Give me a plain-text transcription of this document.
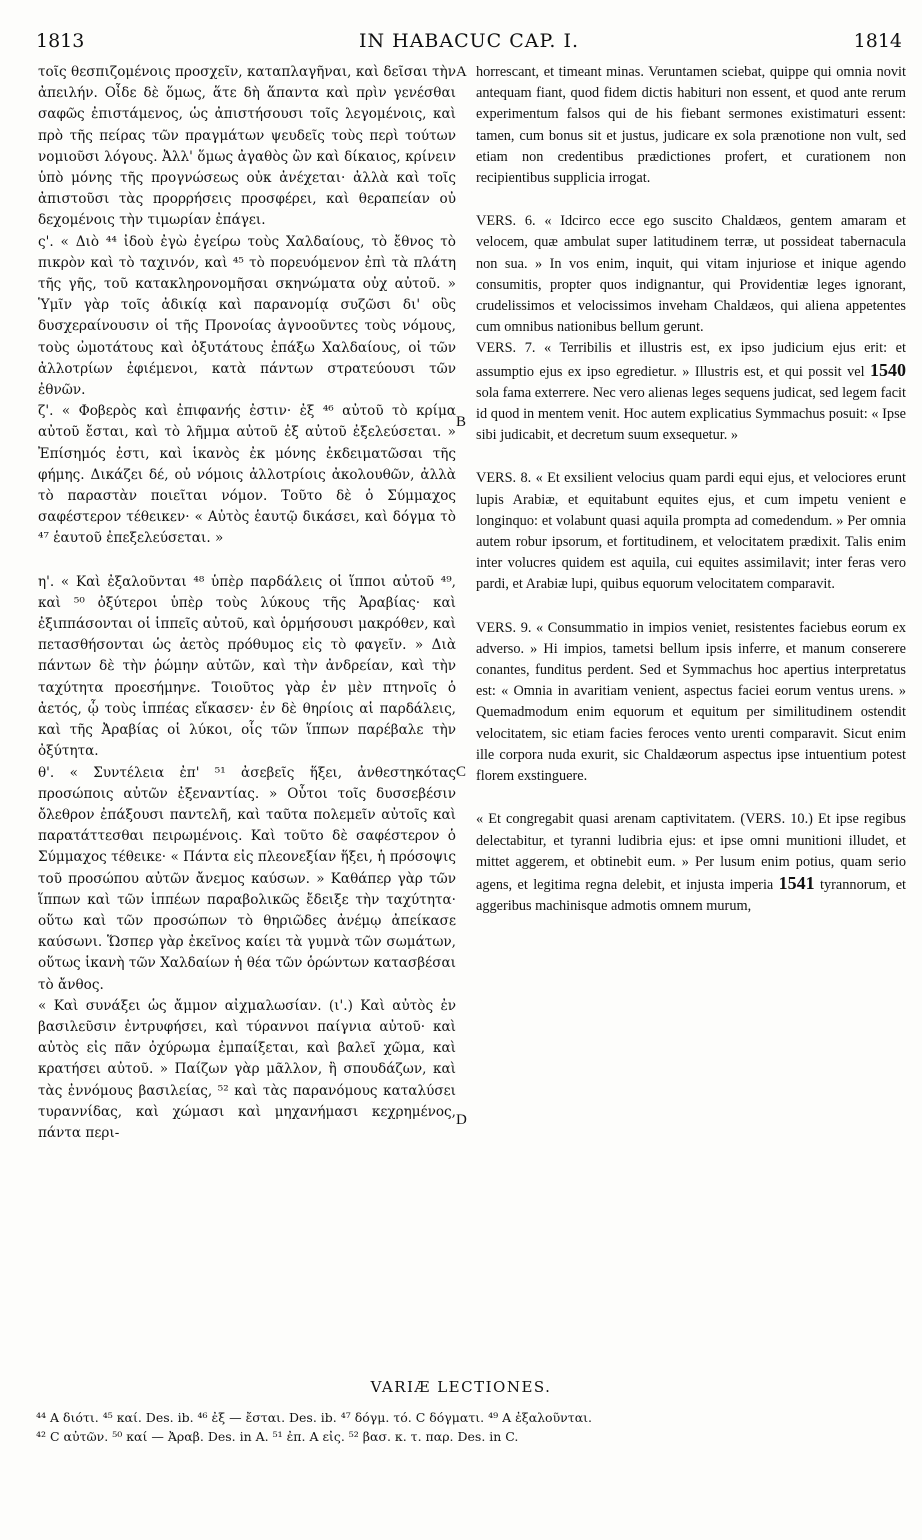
1813	IN HABACUC CAP. I.	1814

τοῖς θεσπιζομένοις προσχεῖν, καταπλαγῆναι, καὶ δεῖσαι τὴν ἀπειλήν. Οἶδε δὲ ὅμως, ἅτε δὴ ἅπαντα καὶ πρὶν γενέσθαι σαφῶς ἐπιστάμενος, ὡς ἀπιστήσουσι τοῖς λεγομένοις, καὶ πρὸ τῆς πείρας τῶν πραγμάτων ψευδεῖς τοὺς περὶ τούτων νομιοῦσι λόγους. Ἀλλ' ὅμως ἀγαθὸς ὢν καὶ δίκαιος, κρίνειν ὑπὸ μόνης τῆς προγνώσεως οὐκ ἀνέχεται· ἀλλὰ καὶ τοῖς ἀπιστοῦσι τὰς προρρήσεις προσφέρει, καὶ θεραπείαν οὐ δεχομένοις τὴν τιμωρίαν ἐπάγει.

ς'. « Διὸ ⁴⁴ ἰδοὺ ἐγὼ ἐγείρω τοὺς Χαλδαίους, τὸ ἔθνος τὸ πικρὸν καὶ τὸ ταχινόν, καὶ ⁴⁵ τὸ πορευόμενον ἐπὶ τὰ πλάτη τῆς γῆς, τοῦ κατακληρονομῆσαι σκηνώματα οὐχ αὐτοῦ. » Ὑμῖν γὰρ τοῖς ἀδικίᾳ καὶ παρανομίᾳ συζῶσι δι' οὓς δυσχεραίνουσιν οἱ τῆς Προνοίας ἀγνοοῦντες τοὺς νόμους, τοὺς ὠμοτάτους καὶ ὀξυτάτους ἐπάξω Χαλδαίους, οἱ τῶν ἀλλοτρίων ἐφιέμενοι, κατὰ πάντων στρατεύουσι τῶν ἐθνῶν.

ζ'. « Φοβερὸς καὶ ἐπιφανής ἐστιν· ἐξ ⁴⁶ αὐτοῦ τὸ κρίμα αὐτοῦ ἔσται, καὶ τὸ λῆμμα αὐτοῦ ἐξ αὐτοῦ ἐξελεύσεται. » Ἐπίσημός ἐστι, καὶ ἱκανὸς ἐκ μόνης ἐκδειματῶσαι τῆς φήμης. Δικάζει δέ, οὐ νόμοις ἀλλοτρίοις ἀκολουθῶν, ἀλλὰ τὸ παραστὰν ποιεῖται νόμον. Τοῦτο δὲ ὁ Σύμμαχος σαφέστερον τέθεικεν· « Αὐτὸς ἑαυτῷ δικάσει, καὶ δόγμα τὸ ⁴⁷ ἑαυτοῦ ἐπεξελεύσεται. »

η'. « Καὶ ἐξαλοῦνται ⁴⁸ ὑπὲρ παρδάλεις οἱ ἵπποι αὐτοῦ ⁴⁹, καὶ ⁵⁰ ὀξύτεροι ὑπὲρ τοὺς λύκους τῆς Ἀραβίας· καὶ ἐξιππάσονται οἱ ἱππεῖς αὐτοῦ, καὶ ὁρμήσουσι μακρόθεν, καὶ πετασθήσονται ὡς ἀετὸς πρόθυμος εἰς τὸ φαγεῖν. » Διὰ πάντων δὲ τὴν ῥώμην αὐτῶν, καὶ τὴν ἀνδρείαν, καὶ τὴν ταχύτητα προεσήμηνε. Τοιοῦτος γὰρ ἐν μὲν πτηνοῖς ὁ ἀετός, ᾧ τοὺς ἱππέας εἴκασεν· ἐν δὲ θηρίοις αἱ παρδάλεις, καὶ τῆς Ἀραβίας οἱ λύκοι, οἷς τῶν ἵππων παρέβαλε τὴν ὀξύτητα.

θ'. « Συντέλεια ἐπ' ⁵¹ ἀσεβεῖς ἥξει, ἀνθεστηκότας προσώποις αὐτῶν ἐξεναντίας. » Οὗτοι τοῖς δυσσεβέσιν ὄλεθρον ἐπάξουσι παντελῆ, καὶ ταῦτα πολεμεῖν αὐτοῖς καὶ παρατάττεσθαι πειρωμένοις. Καὶ τοῦτο δὲ σαφέστερον ὁ Σύμμαχος τέθεικε· « Πάντα εἰς πλεονεξίαν ἥξει, ἡ πρόσοψις τοῦ προσώπου αὐτῶν ἄνεμος καύσων. » Καθάπερ γὰρ τῶν ἵππων καὶ τῶν ἱππέων παραβολικῶς ἔδειξε τὴν ταχύτητα· οὕτω καὶ τῶν προσώπων τὸ θηριῶδες ἀνέμῳ ἀπείκασε καύσωνι. Ὥσπερ γὰρ ἐκεῖνος καίει τὰ γυμνὰ τῶν σωμάτων, οὕτως ἱκανὴ τῶν Χαλδαίων ἡ θέα τῶν ὁρώντων κατασβέσαι τὸ ἄνθος.

« Καὶ συνάξει ὡς ἄμμον αἰχμαλωσίαν. (ι'.) Καὶ αὐτὸς ἐν βασιλεῦσιν ἐντρυφήσει, καὶ τύραννοι παίγνια αὐτοῦ· καὶ αὐτὸς εἰς πᾶν ὀχύρωμα ἐμπαίξεται, καὶ βαλεῖ χῶμα, καὶ κρατήσει αὐτοῦ. » Παίζων γὰρ μᾶλλον, ἢ σπουδάζων, καὶ τὰς ἐννόμους βασιλείας, ⁵² καὶ τὰς παρανόμους καταλύσει τυραννίδας, καὶ χώμασι καὶ μηχανήμασι κεχρημένος, πάντα περι-

A
B
C
D

horrescant, et timeant minas. Veruntamen sciebat, quippe qui omnia novit antequam fiant, quod fidem dictis habituri non essent, et quod ante rerum experimentum falsos qui de his fiebant sermones existimaturi essent: tamen, cum bonus sit et justus, judicare ex sola prænotione non vult, sed etiam non credentibus prædictiones profert, et curationem non recipientibus supplicia irrogat.

VERS. 6. « Idcirco ecce ego suscito Chaldæos, gentem amaram et velocem, quæ ambulat super latitudinem terræ, ut possideat tabernacula non sua. » In vos enim, inquit, qui vitam injuriose et inique agendo consumitis, propter quos indignantur, qui Providentiæ leges ignorant, crudelissimos et velocissimos inveham Chaldæos, qui aliena appetentes cum omnibus nationibus bellum gerunt.

VERS. 7. « Terribilis et illustris est, ex ipso judicium ejus erit: et assumptio ejus ex ipso egredietur. » Illustris est, et qui possit vel 1540 sola fama exterrere. Nec vero alienas leges sequens judicat, sed legem facit id quod in mentem venit. Hoc autem explicatius Symmachus posuit: « Ipse sibi judicabit, et decretum suum exsequetur. »

VERS. 8. « Et exsilient velocius quam pardi equi ejus, et velociores erunt lupis Arabiæ, et equitabunt equites ejus, et cum impetu venient e longinquo: et volabunt quasi aquila prompta ad comedendum. » Per omnia autem robur ipsorum, et fortitudinem, et velocitatem prædixit. Talis enim inter volucres quidem est aquila, cui equites assimilavit; inter feras vero pardi, et Arabiæ lupi, quibus equorum velocitatem comparavit.

VERS. 9. « Consummatio in impios veniet, resistentes faciebus eorum ex adverso. » Hi impios, tametsi bellum ipsis inferre, et manum conserere conantes, funditus perdent. Sed et Symmachus hoc apertius interpretatus est: « Omnia in avaritiam venient, aspectus faciei eorum ventus urens. » Quemadmodum enim equorum et equitum per similitudinem ostendit velocitatem, sic etiam facies feroces vento urenti comparavit. Sicut enim ille corpora nuda exurit, sic Chaldæorum aspectus ipse intuentium potest florem exstinguere.

« Et congregabit quasi arenam captivitatem. (VERS. 10.) Et ipse regibus delectabitur, et tyranni ludibria ejus: et ipse omni munitioni illudet, et mittet aggerem, et obtinebit eum. » Per lusum enim potius, quam serio agens, et legitima regna delebit, et injusta imperia 1541 tyrannorum, et aggeribus machinisque admotis omnem murum,

VARIÆ LECTIONES.
⁴⁴ Α διότι. ⁴⁵ καί. Des. ib. ⁴⁶ ἐξ — ἔσται. Des. ib. ⁴⁷ δόγμ. τό. C δόγματι. ⁴⁹ Α ἐξαλοῦνται.
⁴² C αὐτῶν. ⁵⁰ καί — Ἀραβ. Des. in A. ⁵¹ ἐπ. A εἰς. ⁵² βασ. κ. τ. παρ. Des. in C.
